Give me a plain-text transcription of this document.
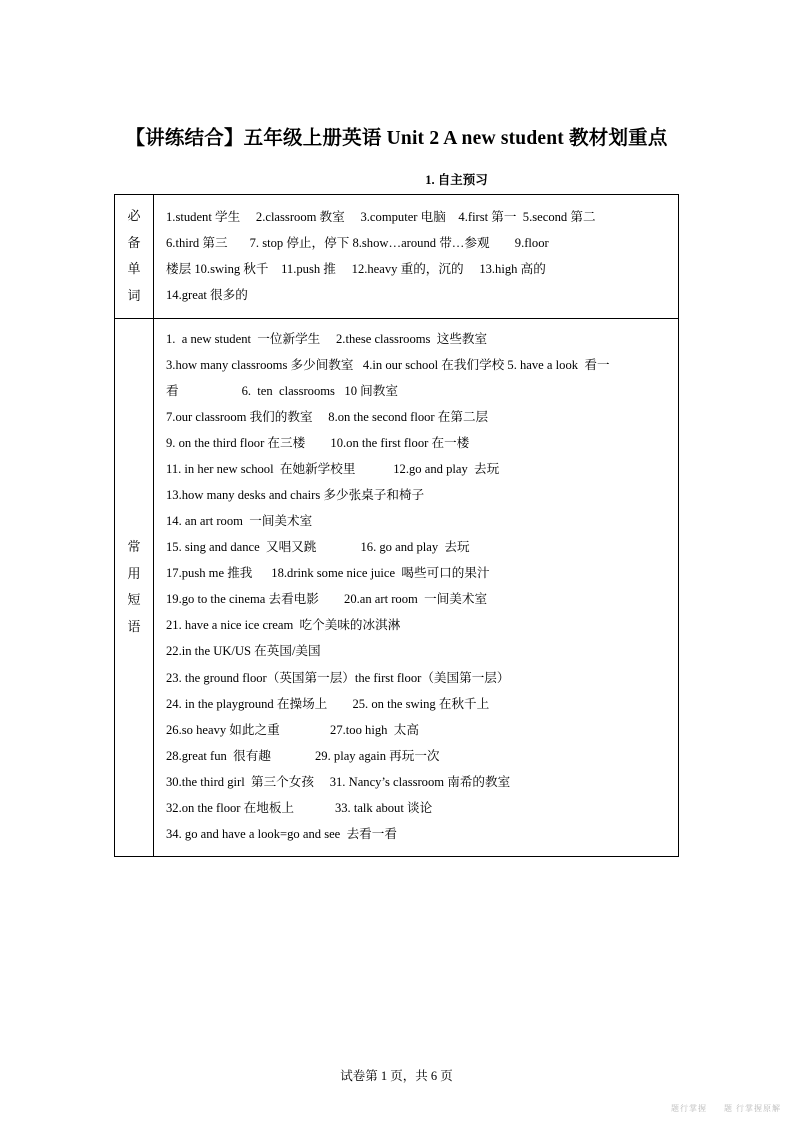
【讲练结合】五年级上册英语 Unit 2 A new student 教材划重点
1. 自主预习
必
备
单
词

1.student 学生     2.classroom 教室     3.computer 电脑    4.first 第一  5.second 第二
6.third 第三       7. stop 停止，停下 8.show…around 带…参观        9.floor
楼层 10.swing 秋千    11.push 推     12.heavy 重的，沉的     13.high 高的
14.great 很多的

常
用
短
语

1.  a new student  一位新学生     2.these classrooms  这些教室
3.how many classrooms 多少间教室   4.in our school 在我们学校 5. have a look  看一
看                    6.  ten  classrooms   10 间教室
7.our classroom 我们的教室     8.on the second floor 在第二层
9. on the third floor 在三楼        10.on the first floor 在一楼
11. in her new school  在她新学校里            12.go and play  去玩
13.how many desks and chairs 多少张桌子和椅子
14. an art room  一间美术室
15. sing and dance  又唱又跳              16. go and play  去玩
17.push me 推我      18.drink some nice juice  喝些可口的果汁
19.go to the cinema 去看电影        20.an art room  一间美术室
21. have a nice ice cream  吃个美味的冰淇淋
22.in the UK/US 在英国/美国
23. the ground floor（英国第一层）the first floor（美国第一层）
24. in the playground 在操场上        25. on the swing 在秋千上
26.so heavy 如此之重                27.too high  太高
28.great fun  很有趣              29. play again 再玩一次
30.the third girl  第三个女孩     31. Nancy’s classroom 南希的教室
32.on the floor 在地板上             33. talk about 谈论
34. go and have a look=go and see  去看一看
试卷第 1 页，共 6 页
题行掌握 题 行掌握原解
